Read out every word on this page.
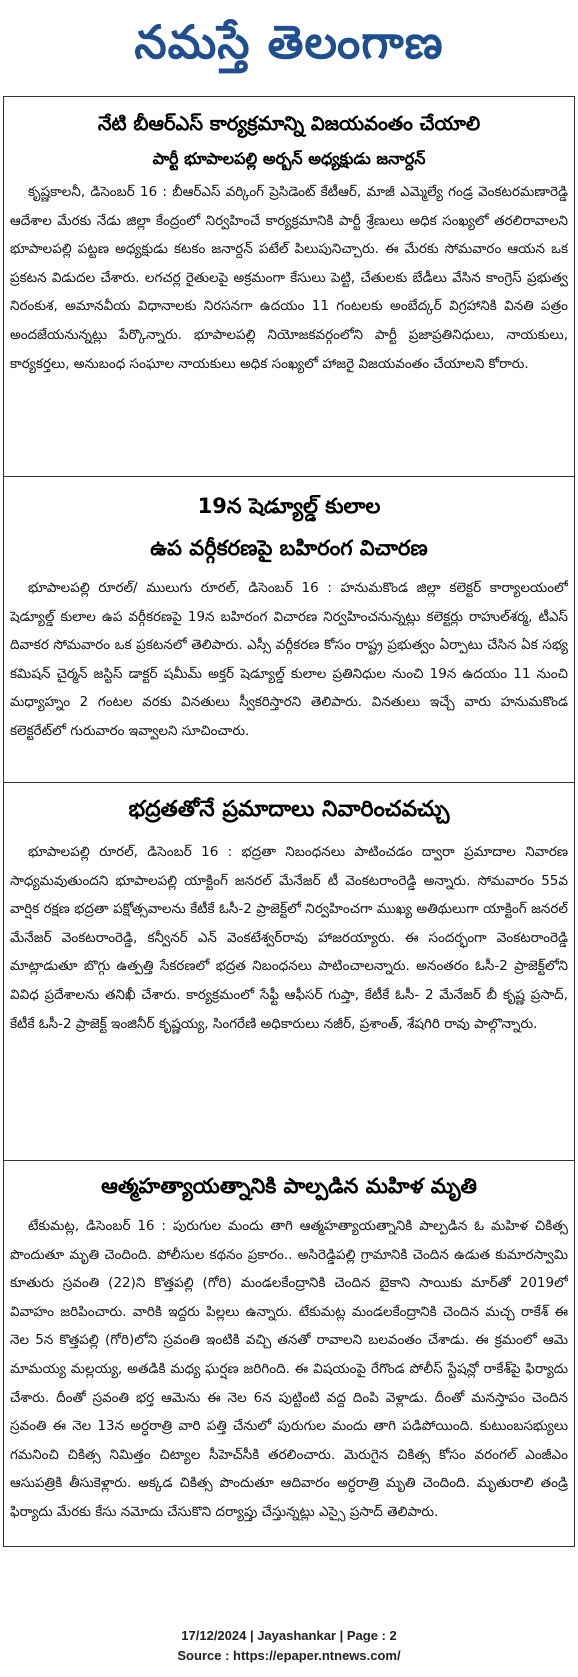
నమస్తే తెలంగాణ
నేటి బీఆర్ఎస్ కార్యక్రమాన్ని విజయవంతం చేయాలి
పార్టీ భూపాలపల్లి అర్బన్ అధ్యక్షుడు జనార్దన్

కృష్ణకాలనీ, డిసెంబర్ 16 : బీఆర్ఎస్ వర్కింగ్ ప్రెసిడెంట్ కేటీఆర్, మాజీ ఎమ్మెల్యే గండ్ర వెంకటరమణారెడ్డి ఆదేశాల మేరకు నేడు జిల్లా కేంద్రంలో నిర్వహించే కార్యక్రమానికి పార్టీ శ్రేణులు అధిక సంఖ్యలో తరలిరావాలని భూపాలపల్లి పట్టణ అధ్యక్షుడు కటకం జనార్దన్ పటేల్ పిలుపునిచ్చారు. ఈ మేరకు సోమవారం ఆయన ఒక ప్రకటన విడుదల చేశారు. లగచర్ల రైతులపై అక్రమంగా కేసులు పెట్టి, చేతులకు బేడీలు వేసిన కాంగ్రెస్ ప్రభుత్వ నిరంకుశ, అమానవీయ విధానాలకు నిరసనగా ఉదయం 11 గంటలకు అంబేద్కర్ విగ్రహానికి వినతి పత్రం అందజేయనున్నట్లు పేర్కొన్నారు. భూపాలపల్లి నియోజకవర్గంలోని పార్టీ ప్రజాప్రతినిధులు, నాయకులు, కార్యకర్తలు, అనుబంధ సంఘాల నాయకులు అధిక సంఖ్యలో హాజరై విజయవంతం చేయాలని కోరారు.

19న షెడ్యూల్డ్ కులాల
ఉప వర్గీకరణపై బహిరంగ విచారణ

భూపాలపల్లి రూరల్/ ములుగు రూరల్, డిసెంబర్ 16 : హనుమకొండ జిల్లా కలెక్టర్ కార్యాలయంలో షెడ్యూల్డ్ కులాల ఉప వర్గీకరణపై 19న బహిరంగ విచారణ నిర్వహించనున్నట్లు కలెక్టర్లు రాహుల్‌శర్మ, టీఎస్ దివాకర సోమవారం ఒక ప్రకటనలో తెలిపారు. ఎస్సీ వర్గీకరణ కోసం రాష్ట్ర ప్రభుత్వం ఏర్పాటు చేసిన ఏక సభ్య కమిషన్ చైర్మన్ జస్టిస్ డాక్టర్ షమీమ్ అక్తర్ షెడ్యూల్డ్ కులాల ప్రతినిధుల నుంచి 19న ఉదయం 11 నుంచి మధ్యాహ్నం 2 గంటల వరకు వినతులు స్వీకరిస్తారని తెలిపారు. వినతులు ఇచ్చే వారు హనుమకొండ కలెక్టరేట్‌లో గురువారం ఇవ్వాలని సూచించారు.

భద్రతతోనే ప్రమాదాలు నివారించవచ్చు

భూపాలపల్లి రూరల్, డిసెంబర్ 16 : భద్రతా నిబంధనలు పాటించడం ద్వారా ప్రమాదాల నివారణ సాధ్యమవుతుందని భూపాలపల్లి యాక్టింగ్ జనరల్ మేనేజర్ టీ వెంకటరాంరెడ్డి అన్నారు. సోమవారం 55వ వార్షిక రక్షణ భద్రతా పక్షోత్సవాలను కేటీకే ఓసీ-2 ప్రాజెక్ట్‌లో నిర్వహించగా ముఖ్య అతిథులుగా యాక్టింగ్ జనరల్ మేనేజర్ వెంకటరాంరెడ్డి, కన్వీనర్ ఎన్ వెంకటేశ్వర్‌రావు హాజరయ్యారు. ఈ సందర్భంగా వెంకటరాంరెడ్డి మాట్లాడుతూ బొగ్గు ఉత్పత్తి సేకరణలో భద్రత నిబంధనలు పాటించాలన్నారు. అనంతరం ఓసీ-2 ప్రాజెక్ట్‌లోని వివిధ ప్రదేశాలను తనిఖీ చేశారు. కార్యక్రమంలో సేఫ్టీ ఆఫీసర్ గుప్తా, కేటీకే ఓసీ- 2 మేనేజర్ బీ కృష్ణ ప్రసాద్, కేటీకే ఓసీ-2 ప్రాజెక్ట్ ఇంజినీర్ కృష్ణయ్య, సింగరేణి అధికారులు నజీర్, ప్రశాంత్, శేషగిరి రావు పాల్గొన్నారు.

ఆత్మహత్యాయత్నానికి పాల్పడిన మహిళ మృతి

టేకుమట్ల, డిసెంబర్ 16 : పురుగుల మందు తాగి ఆత్మహత్యాయత్నానికి పాల్పడిన ఓ మహిళ చికిత్స పొందుతూ మృతి చెందింది. పోలీసుల కథనం ప్రకారం.. అసిరెడ్డిపల్లి గ్రామానికి చెందిన ఉడుత కుమారస్వామి కూతురు స్రవంతి (22)ని కొత్తపల్లి (గోరి) మండలకేంద్రానికి చెందిన బైకాని సాయికు మార్‌తో 2019లో వివాహం జరిపించారు. వారికి ఇద్దరు పిల్లలు ఉన్నారు. టేకుమట్ల మండలకేంద్రానికి చెందిన మచ్చ రాకేశ్ ఈ నెల 5న కొత్తపల్లి (గోరి)లోని స్రవంతి ఇంటికి వచ్చి తనతో రావాలని బలవంతం చేశాడు. ఈ క్రమంలో ఆమె మామయ్య మల్లయ్య, అతడికి మధ్య ఘర్షణ జరిగింది. ఈ విషయంపై రేగొండ పోలీస్ స్టేషన్లో రాకేశ్‌పై ఫిర్యాదు చేశారు. దీంతో స్రవంతి భర్త ఆమెను ఈ నెల 6న పుట్టింటి వద్ద దింపి వెళ్లాడు. దీంతో మనస్తాపం చెందిన స్రవంతి ఈ నెల 13న అర్ధరాత్రి వారి పత్తి చేనులో పురుగుల మందు తాగి పడిపోయింది. కుటుంబసభ్యులు గమనించి చికిత్స నిమిత్తం చిట్యాల సీహెచ్‌సీకి తరలించారు. మెరుగైన చికిత్స కోసం వరంగల్ ఎంజీఎం ఆసుపత్రికి తీసుకెళ్లారు. అక్కడ చికిత్స పొందుతూ ఆదివారం అర్ధరాత్రి మృతి చెందింది. మృతురాలి తండ్రి ఫిర్యాదు మేరకు కేసు నమోదు చేసుకొని దర్యాప్తు చేస్తున్నట్లు ఎస్సై ప్రసాద్ తెలిపారు.

17/12/2024 | Jayashankar | Page : 2
Source : https://epaper.ntnews.com/
